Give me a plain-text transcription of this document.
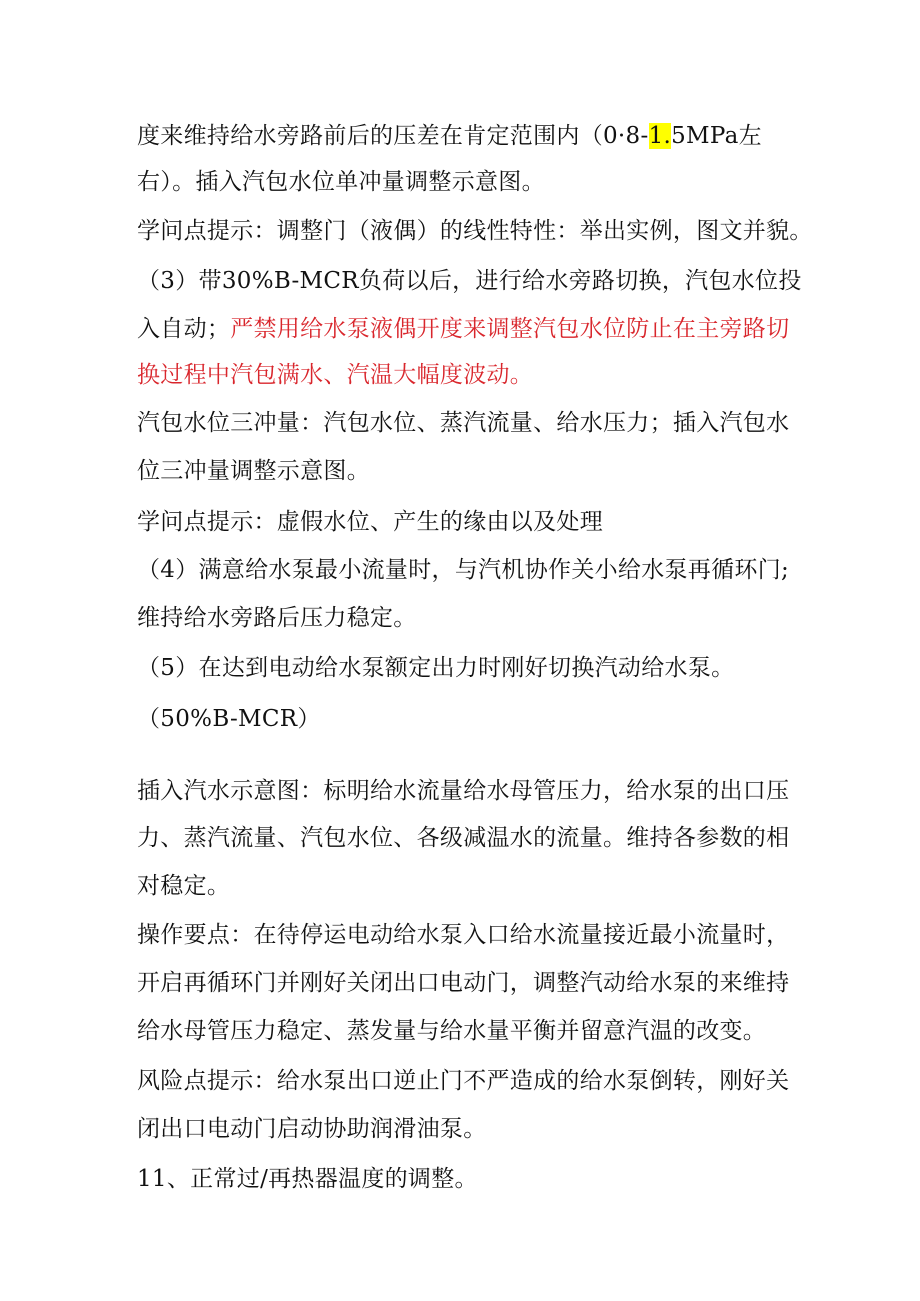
度来维持给水旁路前后的压差在肯定范围内（0·8-1.5MPa左
右）。插入汽包水位单冲量调整示意图。
学问点提示：调整门（液偶）的线性特性：举出实例，图文并貌。
（3）带30%B-MCR负荷以后，进行给水旁路切换，汽包水位投
入自动；严禁用给水泵液偶开度来调整汽包水位防止在主旁路切
换过程中汽包满水、汽温大幅度波动。
汽包水位三冲量：汽包水位、蒸汽流量、给水压力；插入汽包水
位三冲量调整示意图。
学问点提示：虚假水位、产生的缘由以及处理
（4）满意给水泵最小流量时，与汽机协作关小给水泵再循环门;
维持给水旁路后压力稳定。
（5）在达到电动给水泵额定出力时刚好切换汽动给水泵。
（50%B-MCR）
插入汽水示意图：标明给水流量给水母管压力，给水泵的出口压
力、蒸汽流量、汽包水位、各级减温水的流量。维持各参数的相
对稳定。
操作要点：在待停运电动给水泵入口给水流量接近最小流量时，
开启再循环门并刚好关闭出口电动门，调整汽动给水泵的来维持
给水母管压力稳定、蒸发量与给水量平衡并留意汽温的改变。
风险点提示：给水泵出口逆止门不严造成的给水泵倒转，刚好关
闭出口电动门启动协助润滑油泵。
11、正常过/再热器温度的调整。
